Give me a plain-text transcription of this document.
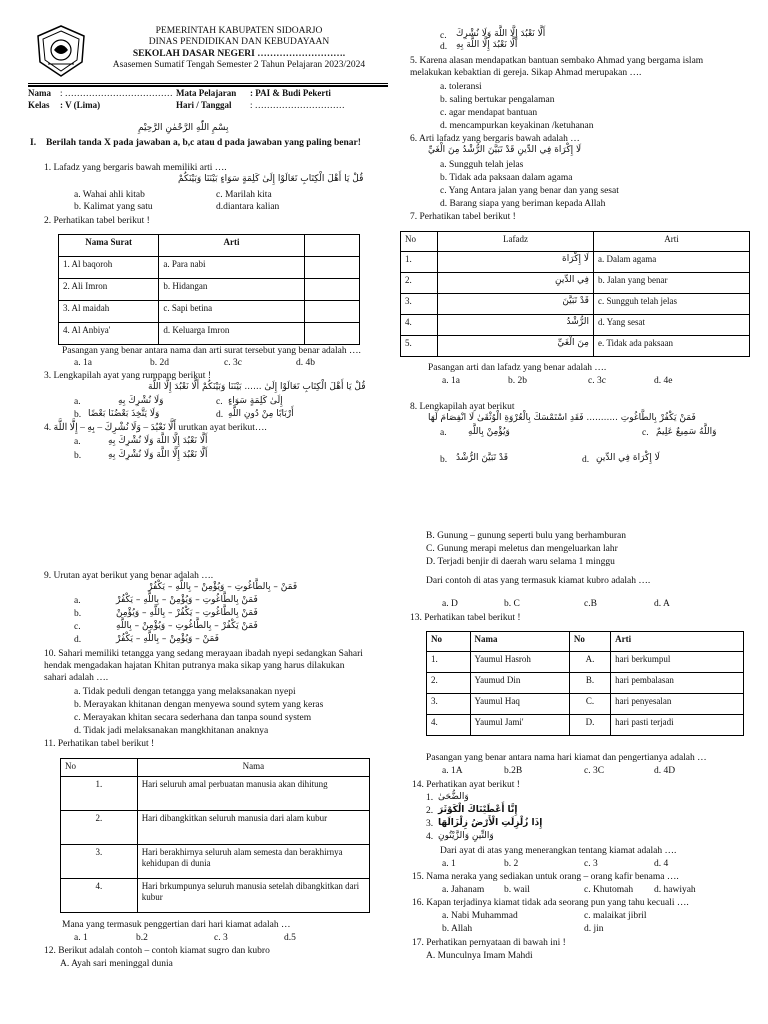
PEMERINTAH KABUPATEN SIDOARJO
DINAS PENDIDIKAN DAN KEBUDAYAAN
SEKOLAH DASAR NEGERI ……………………….
Asasemen Sumatif Tengah Semester 2 Tahun Pelajaran 2023/2024
Nama : ………………………………
Kelas : V (Lima)
Mata Pelajaran : PAI & Budi Pekerti
Hari / Tanggal : …………………………
بِسْمِ اللّٰهِ الرَّحْمٰنِ الرَّحِيْمِ
I. Berilah tanda X pada jawaban a, b,c atau d pada jawaban yang paling benar!
1. Lafadz yang bergaris bawah memiliki arti ….
قُلْ يَا أَهْلَ الْكِتَابِ تَعَالَوْا إِلَىٰ كَلِمَةٍ سَوَاءٍ بَيْنَنَا وَبَيْنَكُمْ
a. Wahai ahli kitab	c. Marilah kita
b. Kalimat yang satu	d.diantara kalian
2. Perhatikan tabel berikut !
Nama Surat	Arti	
1. Al baqoroh	a. Para nabi	
2. Ali Imron	b. Hidangan	
3. Al maidah	c. Sapi betina	
4. Al Anbiya'	d. Keluarga Imron	
Pasangan yang benar antara nama dan arti surat tersebut yang benar adalah ….
a. 1a	b. 2d	c. 3c	d. 4b
3. Lengkapilah ayat yang rumpang berikut !
قُلْ يَا أَهْلَ الْكِتَابِ تَعَالَوْا إِلَىٰ ...... بَيْنَنَا وَبَيْنَكُمْ أَلَّا نَعْبُدَ إِلَّا اللَّهَ
a.	وَلَا نُشْرِكَ بِهِ	c. إِلَىٰ كَلِمَةٍ سَوَاءٍ
b. وَلَا يَتَّخِذَ بَعْضُنَا بَعْضًا	d. أَرْبَابًا مِنْ دُونِ اللَّهِ
4. أَلَّا نَعْبُدَ – وَلَا نُشْرِكَ – بِهِ – إِلَّا اللَّهَ urutkan ayat berikut….
a.	أَلَّا نَعْبُدَ إِلَّا اللَّهَ وَلَا نُشْرِكَ بِهِ
b.	أَلَّا نَعْبُدَ إِلَّا اللَّهَ وَلَا نُشْرِكَ بِهِ
9. Urutan ayat berikut yang benar adalah ….
فَمَنْ – بِالطَّاغُوتِ – وَيُؤْمِنْ – بِاللَّهِ – يَكْفُرْ
a.	فَمَنْ بِالطَّاغُوتِ – وَيُؤْمِنْ – بِاللَّهِ – يَكْفُرْ
b.	فَمَنْ بِالطَّاغُوتِ – يَكْفُرْ – بِاللَّهِ – وَيُؤْمِنْ
c.	فَمَنْ يَكْفُرْ – بِالطَّاغُوتِ – وَيُؤْمِنْ – بِاللَّهِ
d.	فَمَنْ – وَيُؤْمِنْ – بِاللَّهِ – يَكْفُرْ
10. Sahari memiliki tetangga yang sedang merayaan ibadah nyepi sedangkan Sahari hendak mengadakan hajatan Khitan putranya maka sikap yang harus dilakukan sahari adalah ….
a. Tidak peduli dengan tetangga yang melaksanakan nyepi
b. Merayakan khitanan dengan menyewa sound sytem yang keras
c. Merayakan khitan secara sederhana dan tanpa sound system
d. Tidak jadi melaksanakan mangkhitanan anaknya
11. Perhatikan tabel berikut !
No	Nama
1.	Hari seluruh amal perbuatan manusia akan dihitung
2.	Hari dibangkitkan seluruh manusia dari alam kubur
3.	Hari berakhirnya seluruh alam semesta dan berakhirnya kehidupan di dunia
4.	Hari brkumpunya seluruh manusia setelah dibangkitkan dari kubur
Mana yang termasuk penggertian dari hari kiamat adalah …
a. 1	b.2	c. 3	d.5
12. Berikut adalah contoh – contoh kiamat sugro dan kubro
A. Ayah sari meninggal dunia
c. أَلَّا نَعْبُدَ إِلَّا اللَّهَ وَلَا نُشْرِكَ
d. أَلَّا نَعْبُدَ إِلَّا اللَّهَ بِهِ
5. Karena alasan mendapatkan bantuan sembako Ahmad yang bergama islam melakukan kebaktian di gereja. Sikap Ahmad merupakan ….
a. toleransi
b. saling bertukar pengalaman
c. agar mendapat bantuan
d. mencampurkan keyakinan /ketuhanan
6. Arti lafadz yang bergaris bawah adalah …
لَا إِكْرَاهَ فِي الدِّينِ قَدْ تَبَيَّنَ الرُّشْدُ مِنَ الْغَيِّ
a. Sungguh telah jelas
b. Tidak ada paksaan dalam agama
c. Yang Antara jalan yang benar dan yang sesat
d. Barang siapa yang beriman kepada Allah
7. Perhatikan tabel berikut !
No	Lafadz	Arti
1.	لَا إِكْرَاهَ	a. Dalam agama
2.	فِي الدِّينِ	b. Jalan yang benar
3.	قَدْ تَبَيَّنَ	c. Sungguh telah jelas
4.	الرُّشْدُ	d. Yang sesat
5.	مِنَ الْغَيِّ	e. Tidak ada paksaan
Pasangan arti dan lafadz yang benar adalah ….
a. 1a	b. 2b	c. 3c	d. 4e
8. Lengkapilah ayat berikut
فَمَنْ يَكْفُرْ بِالطَّاغُوتِ ........... فَقَدِ اسْتَمْسَكَ بِالْعُرْوَةِ الْوُثْقَىٰ لَا انْفِصَامَ لَهَا
a. وَيُؤْمِنْ بِاللَّهِ	c. وَاللَّهُ سَمِيعٌ عَلِيمٌ
b. قَدْ تَبَيَّنَ الرُّشْدُ	d. لَا إِكْرَاهَ فِي الدِّينِ
B. Gunung – gunung seperti bulu yang berhamburan
C. Gunung merapi meletus dan mengeluarkan lahr
D. Terjadi benjir di daerah waru selama 1 minggu
Dari contoh di atas yang termasuk kiamat kubro adalah ….
a. D	b. C	c.B	d. A
13. Perhatikan tabel berikut !
No	Nama	No	Arti
1.	Yaumul Hasroh	A.	hari berkumpul
2.	Yaumud Din	B.	hari pembalasan
3.	Yaumul Haq	C.	hari penyesalan
4.	Yaumul Jami'	D.	hari pasti terjadi
Pasangan yang benar antara nama hari kiamat dan pengertianya adalah …
a. 1A	b.2B	c. 3C	d. 4D
14. Perhatikan ayat berikut !
1. وَالضُّحَىٰ
2. إِنَّا أَعْطَيْنَاكَ الْكَوْثَرَ
3. إِذَا زُلْزِلَتِ الْأَرْضُ زِلْزَالَهَا
4. وَالتِّينِ وَالزَّيْتُونِ
Dari ayat di atas yang menerangkan tentang kiamat adalah ….
a. 1	b. 2	c. 3	d. 4
15. Nama neraka yang sediakan untuk orang – orang kafir benama ….
a. Jahanam b. wail	c. Khutomah d. hawiyah
16. Kapan terjadinya kiamat tidak ada seorang pun yang tahu kecuali ….
a. Nabi Muhammad	c. malaikat jibril
b. Allah	d. jin
17. Perhatikan pernyataan di bawah ini !
A. Munculnya Imam Mahdi
